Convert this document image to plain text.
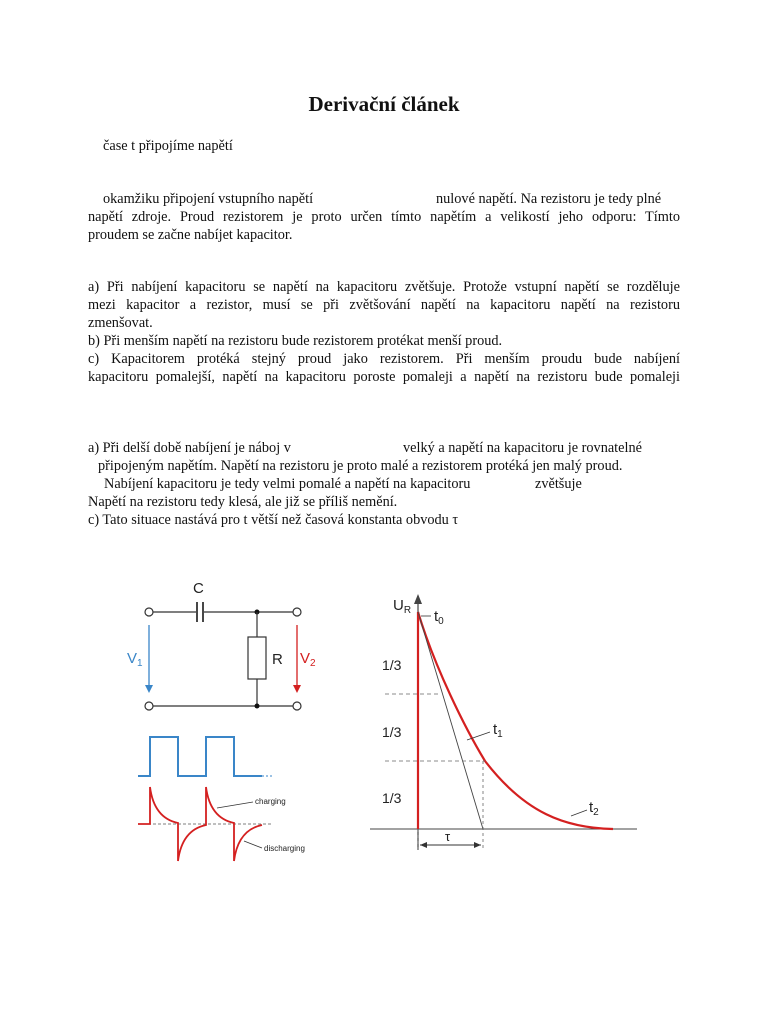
Derivační článek
čase t připojíme napětí
okamžiku připojení vstupního napětí	nulové napětí. Na rezistoru je tedy plné
napětí zdroje. Proud rezistorem je proto určen tímto napětím a velikostí jeho odporu: Tímto
proudem se začne nabíjet kapacitor.
a) Při nabíjení kapacitoru se napětí na kapacitoru zvětšuje. Protože vstupní napětí se rozděluje
mezi kapacitor a rezistor, musí se při zvětšování napětí na kapacitoru napětí na rezistoru
zmenšovat.
b) Při menším napětí na rezistoru bude rezistorem protékat menší proud.
c) Kapacitorem protéká stejný proud jako rezistorem. Při menším proudu bude nabíjení
kapacitoru pomalejší, napětí na kapacitoru poroste pomaleji a napětí na rezistoru bude pomaleji
a) Při delší době nabíjení je náboj v	velký a napětí na kapacitoru je rovnatelné
připojeným napětím. Napětí na rezistoru je proto malé a rezistorem protéká jen malý proud.
Nabíjení kapacitoru je tedy velmi pomalé a napětí na kapacitoru	zvětšuje
Napětí na rezistoru tedy klesá, ale již se příliš nemění.
c) Tato situace nastává pro t větší než časová konstanta obvodu τ
C
R
$V_1$	$V_2$
charging
discharging
$U_R$
τ
1/3
1/3
1/3
$t_0$
$t_1$
$t_2$
